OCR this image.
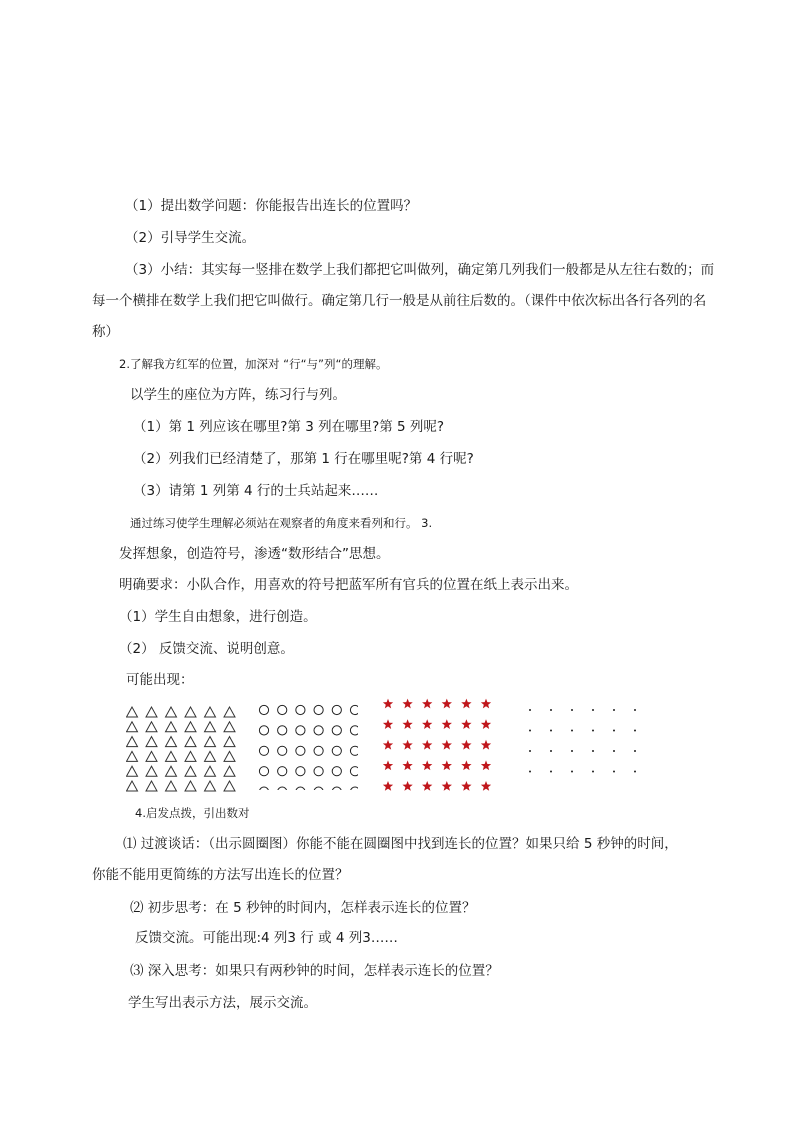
（1）提出数学问题：你能报告出连长的位置吗？
（2）引导学生交流。
（3）小结：其实每一竖排在数学上我们都把它叫做列，确定第几列我们一般都是从左往右数的；而
每一个横排在数学上我们把它叫做行。确定第几行一般是从前往后数的。（课件中依次标出各行各列的名
称）
2.了解我方红军的位置，加深对 “行“与”列“的理解。
以学生的座位为方阵，练习行与列。
（1）第 1 列应该在哪里?第 3 列在哪里?第 5 列呢?
（2）列我们已经清楚了，那第 1 行在哪里呢?第 4 行呢?
（3）请第 1 列第 4 行的士兵站起来……
通过练习使学生理解必须站在观察者的角度来看列和行。 3.
发挥想象，创造符号，渗透“数形结合”思想。
明确要求：小队合作，用喜欢的符号把蓝军所有官兵的位置在纸上表示出来。
（1）学生自由想象，进行创造。
（2） 反馈交流、说明创意。
可能出现：
4.启发点拨，引出数对
⑴ 过渡谈话：（出示圆圈图）你能不能在圆圈图中找到连长的位置？如果只给 5 秒钟的时间，
你能不能用更简练的方法写出连长的位置？
⑵ 初步思考：在 5 秒钟的时间内，怎样表示连长的位置？
反馈交流。可能出现:4 列3 行 或 4 列3……
⑶ 深入思考：如果只有两秒钟的时间，怎样表示连长的位置？
学生写出表示方法，展示交流。
